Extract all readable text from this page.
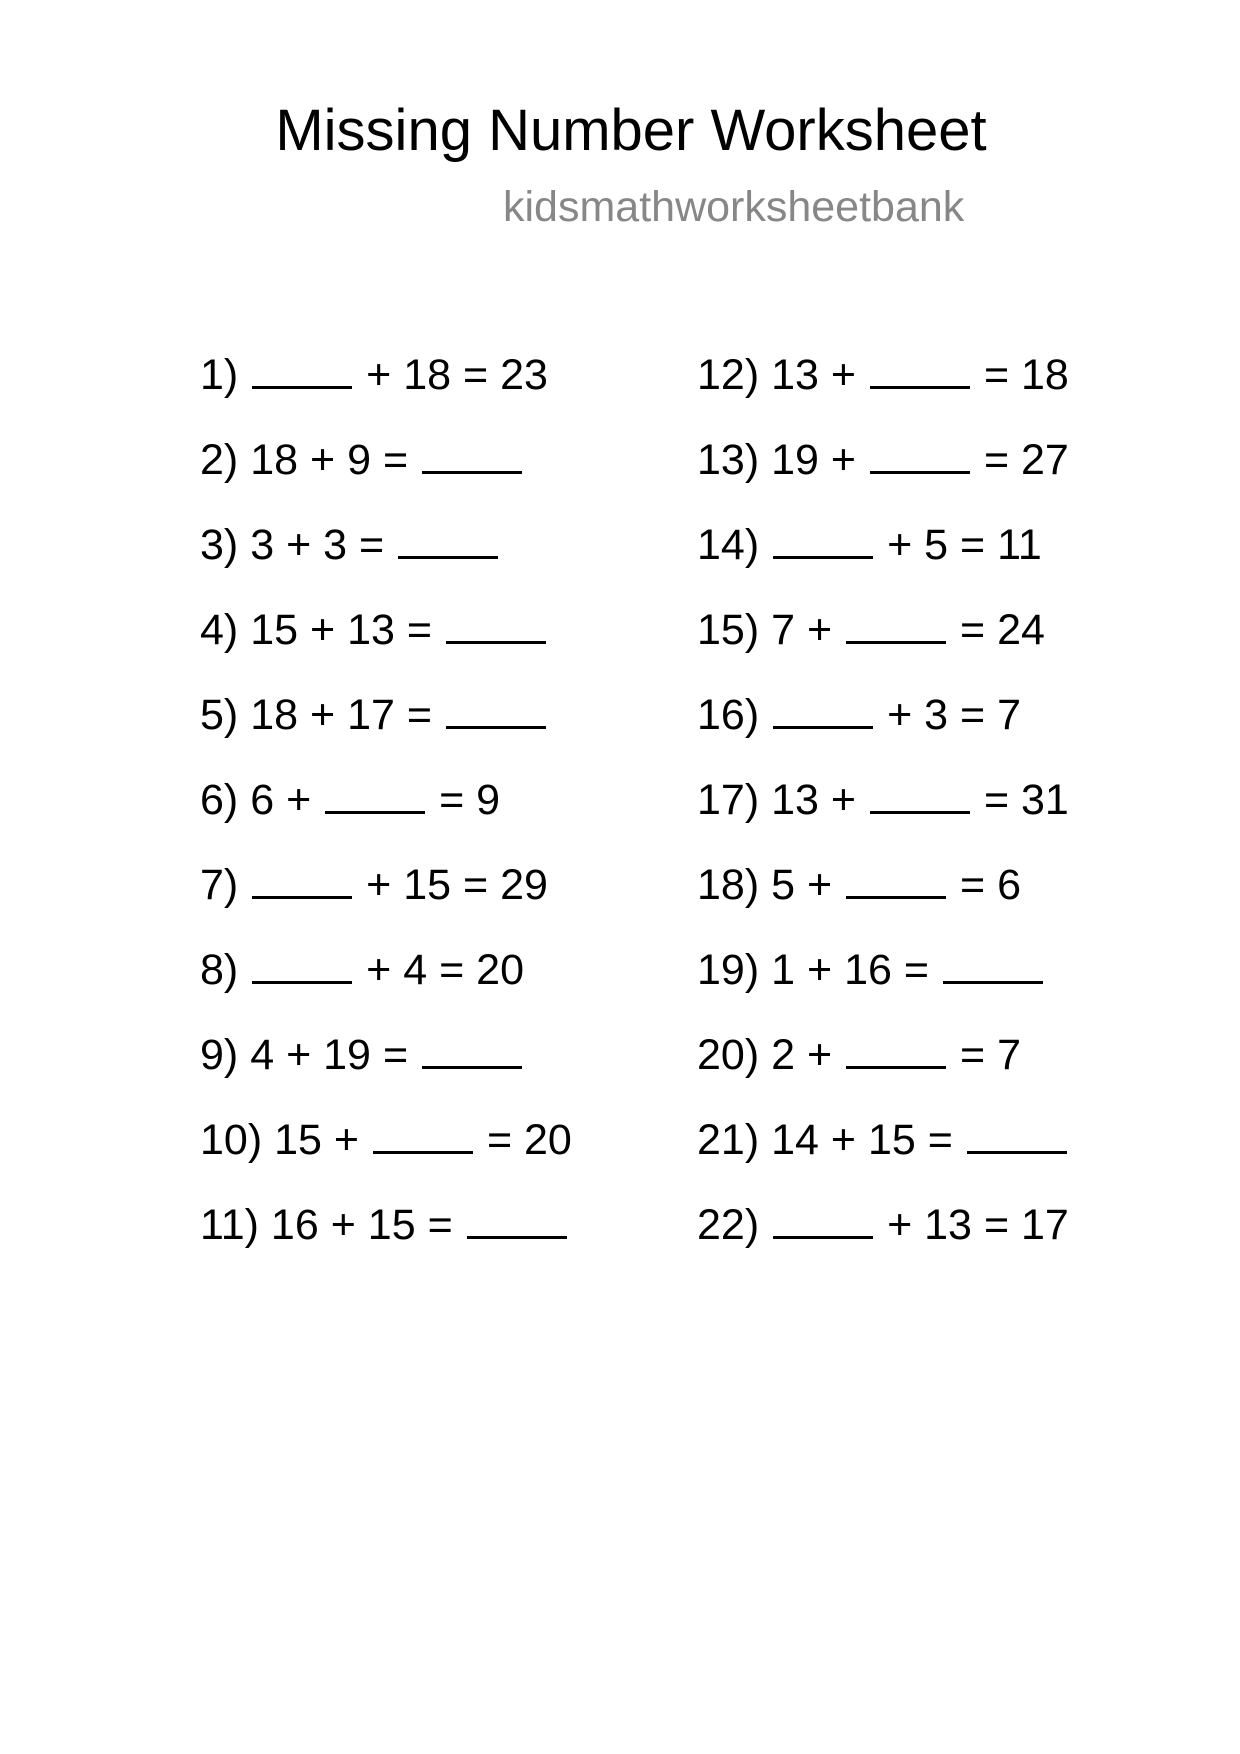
Missing Number Worksheet
kidsmathworksheetbank
1)	+ 18 = 23
2) 18 + 9 =
3) 3 + 3 =
4) 15 + 13 =
5) 18 + 17 =
6) 6 +	= 9
7)	+ 15 = 29
8)	+ 4 = 20
9) 4 + 19 =
10) 15 +	= 20
11) 16 + 15 =
12) 13 +	= 18
13) 19 +	= 27
14)	+ 5 = 11
15) 7 +	= 24
16)	+ 3 = 7
17) 13 +	= 31
18) 5 +	= 6
19) 1 + 16 =
20) 2 +	= 7
21) 14 + 15 =
22)	+ 13 = 17
